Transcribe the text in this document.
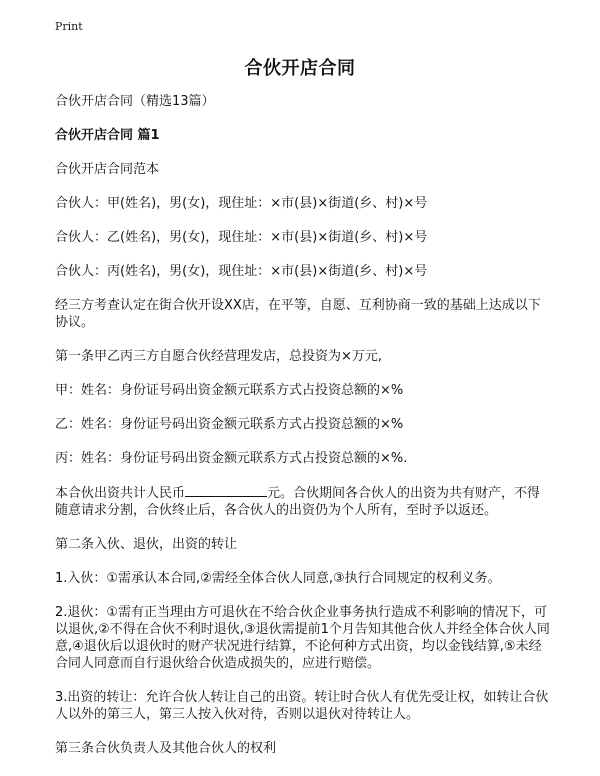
Print
合伙开店合同

合伙开店合同（精选13篇）

合伙开店合同 篇1

合伙开店合同范本

合伙人：甲(姓名)，男(女)，现住址：×市(县)×街道(乡、村)×号

合伙人：乙(姓名)，男(女)，现住址：×市(县)×街道(乡、村)×号

合伙人：丙(姓名)，男(女)，现住址：×市(县)×街道(乡、村)×号

经三方考查认定在街合伙开设XX店，在平等，自愿、互利协商一致的基础上达成以下协议。

第一条甲乙丙三方自愿合伙经营理发店，总投资为×万元,

甲：姓名：身份证号码出资金额元联系方式占投资总额的×%

乙：姓名：身份证号码出资金额元联系方式占投资总额的×%

丙：姓名：身份证号码出资金额元联系方式占投资总额的×%.

本合伙出资共计人民币	元。合伙期间各合伙人的出资为共有财产，不得随意请求分割，合伙终止后，各合伙人的出资仍为个人所有，至时予以返还。

第二条入伙、退伙，出资的转让

1.入伙：①需承认本合同,②需经全体合伙人同意,③执行合同规定的权利义务。

2.退伙：①需有正当理由方可退伙在不给合伙企业事务执行造成不利影响的情况下，可以退伙,②不得在合伙不利时退伙,③退伙需提前1个月告知其他合伙人并经全体合伙人同意,④退伙后以退伙时的财产状况进行结算，不论何种方式出资，均以金钱结算,⑤未经合同人同意而自行退伙给合伙造成损失的，应进行赔偿。

3.出资的转让：允许合伙人转让自己的出资。转让时合伙人有优先受让权，如转让合伙人以外的第三人，第三人按入伙对待，否则以退伙对待转让人。

第三条合伙负责人及其他合伙人的权利
